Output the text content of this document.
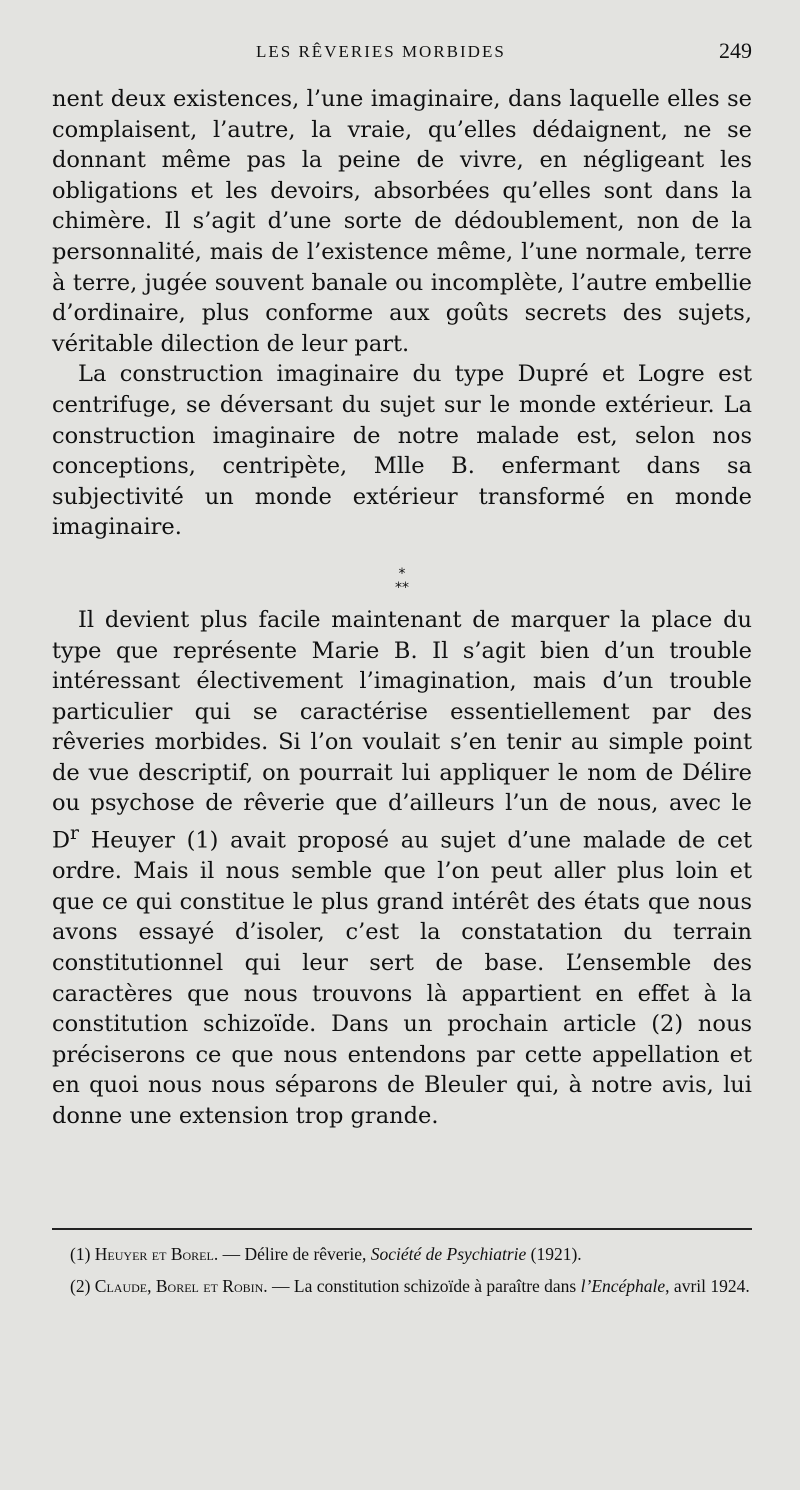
LES RÊVERIES MORBIDES	249

nent deux existences, l’une imaginaire, dans laquelle elles se complaisent, l’autre, la vraie, qu’elles dédaignent, ne se donnant même pas la peine de vivre, en négligeant les obligations et les devoirs, absorbées qu’elles sont dans la chimère. Il s’agit d’une sorte de dédoublement, non de la personnalité, mais de l’existence même, l’une normale, terre à terre, jugée souvent banale ou incomplète, l’autre embellie d’ordinaire, plus conforme aux goûts secrets des sujets, véritable dilection de leur part.

La construction imaginaire du type Dupré et Logre est centrifuge, se déversant du sujet sur le monde extérieur. La construction imaginaire de notre malade est, selon nos conceptions, centripète, Mlle B. enfermant dans sa subjectivité un monde extérieur transformé en monde imaginaire.

*
**

Il devient plus facile maintenant de marquer la place du type que représente Marie B. Il s’agit bien d’un trouble intéressant électivement l’imagination, mais d’un trouble particulier qui se caractérise essentiellement par des rêveries morbides. Si l’on voulait s’en tenir au simple point de vue descriptif, on pourrait lui appliquer le nom de Délire ou psychose de rêverie que d’ailleurs l’un de nous, avec le $D^r$ Heuyer (1) avait proposé au sujet d’une malade de cet ordre. Mais il nous semble que l’on peut aller plus loin et que ce qui constitue le plus grand intérêt des états que nous avons essayé d’isoler, c’est la constatation du terrain constitutionnel qui leur sert de base. L’ensemble des caractères que nous trouvons là appartient en effet à la constitution schizoïde. Dans un prochain article (2) nous préciserons ce que nous entendons par cette appellation et en quoi nous nous séparons de Bleuler qui, à notre avis, lui donne une extension trop grande.

(1) Heuyer et Borel. — Délire de rêverie, Société de Psychiatrie (1921).

(2) Claude, Borel et Robin. — La constitution schizoïde à paraître dans l’Encéphale, avril 1924.
